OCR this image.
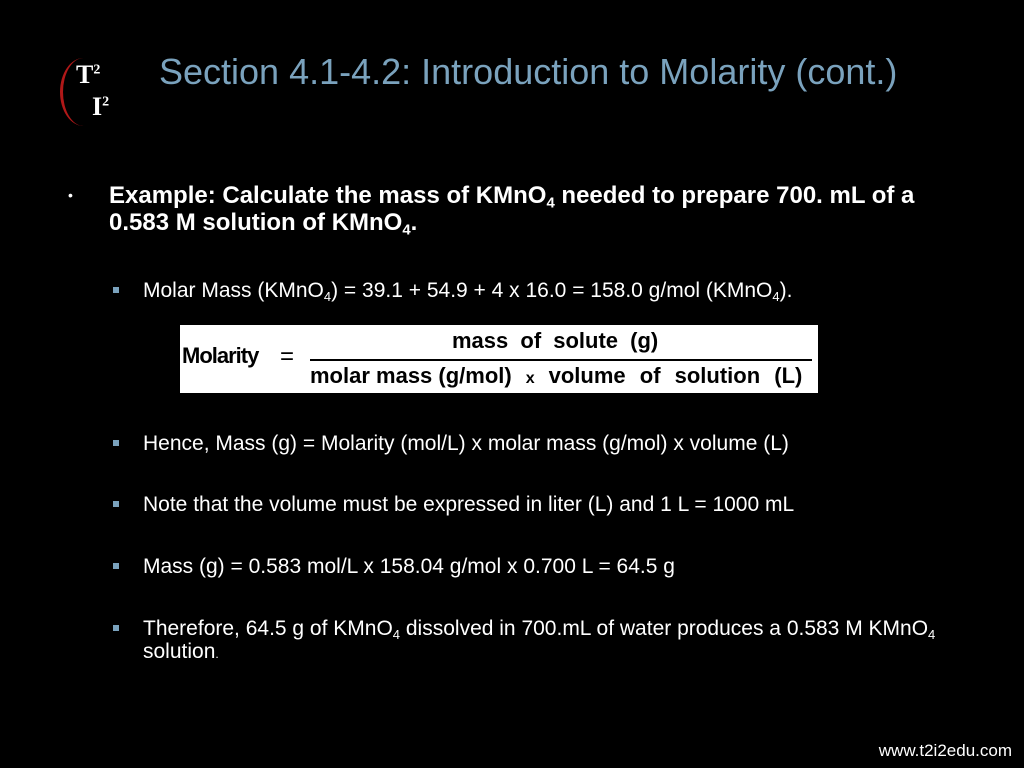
$T^2$
$I^2$
Section 4.1-4.2: Introduction to Molarity (cont.)
• Example: Calculate the mass of KMnO$_4$ needed to prepare 700. mL of a 0.583 M solution of KMnO$_4$.
Molar Mass (KMnO$_4$) = 39.1 + 54.9 + 4 x 16.0 = 158.0 g/mol (KMnO$_4$).
Molarity =
mass of solute (g)
molar mass (g/mol) x volume of solution (L)
Hence, Mass (g) = Molarity (mol/L) x molar mass (g/mol) x volume (L)
Note that the volume must be expressed in liter (L) and 1 L = 1000 mL
Mass (g) = 0.583 mol/L x 158.04 g/mol x 0.700 L = 64.5 g
Therefore, 64.5 g of KMnO$_4$ dissolved in 700.mL of water produces a 0.583 M KMnO$_4$ solution.
www.t2i2edu.com
